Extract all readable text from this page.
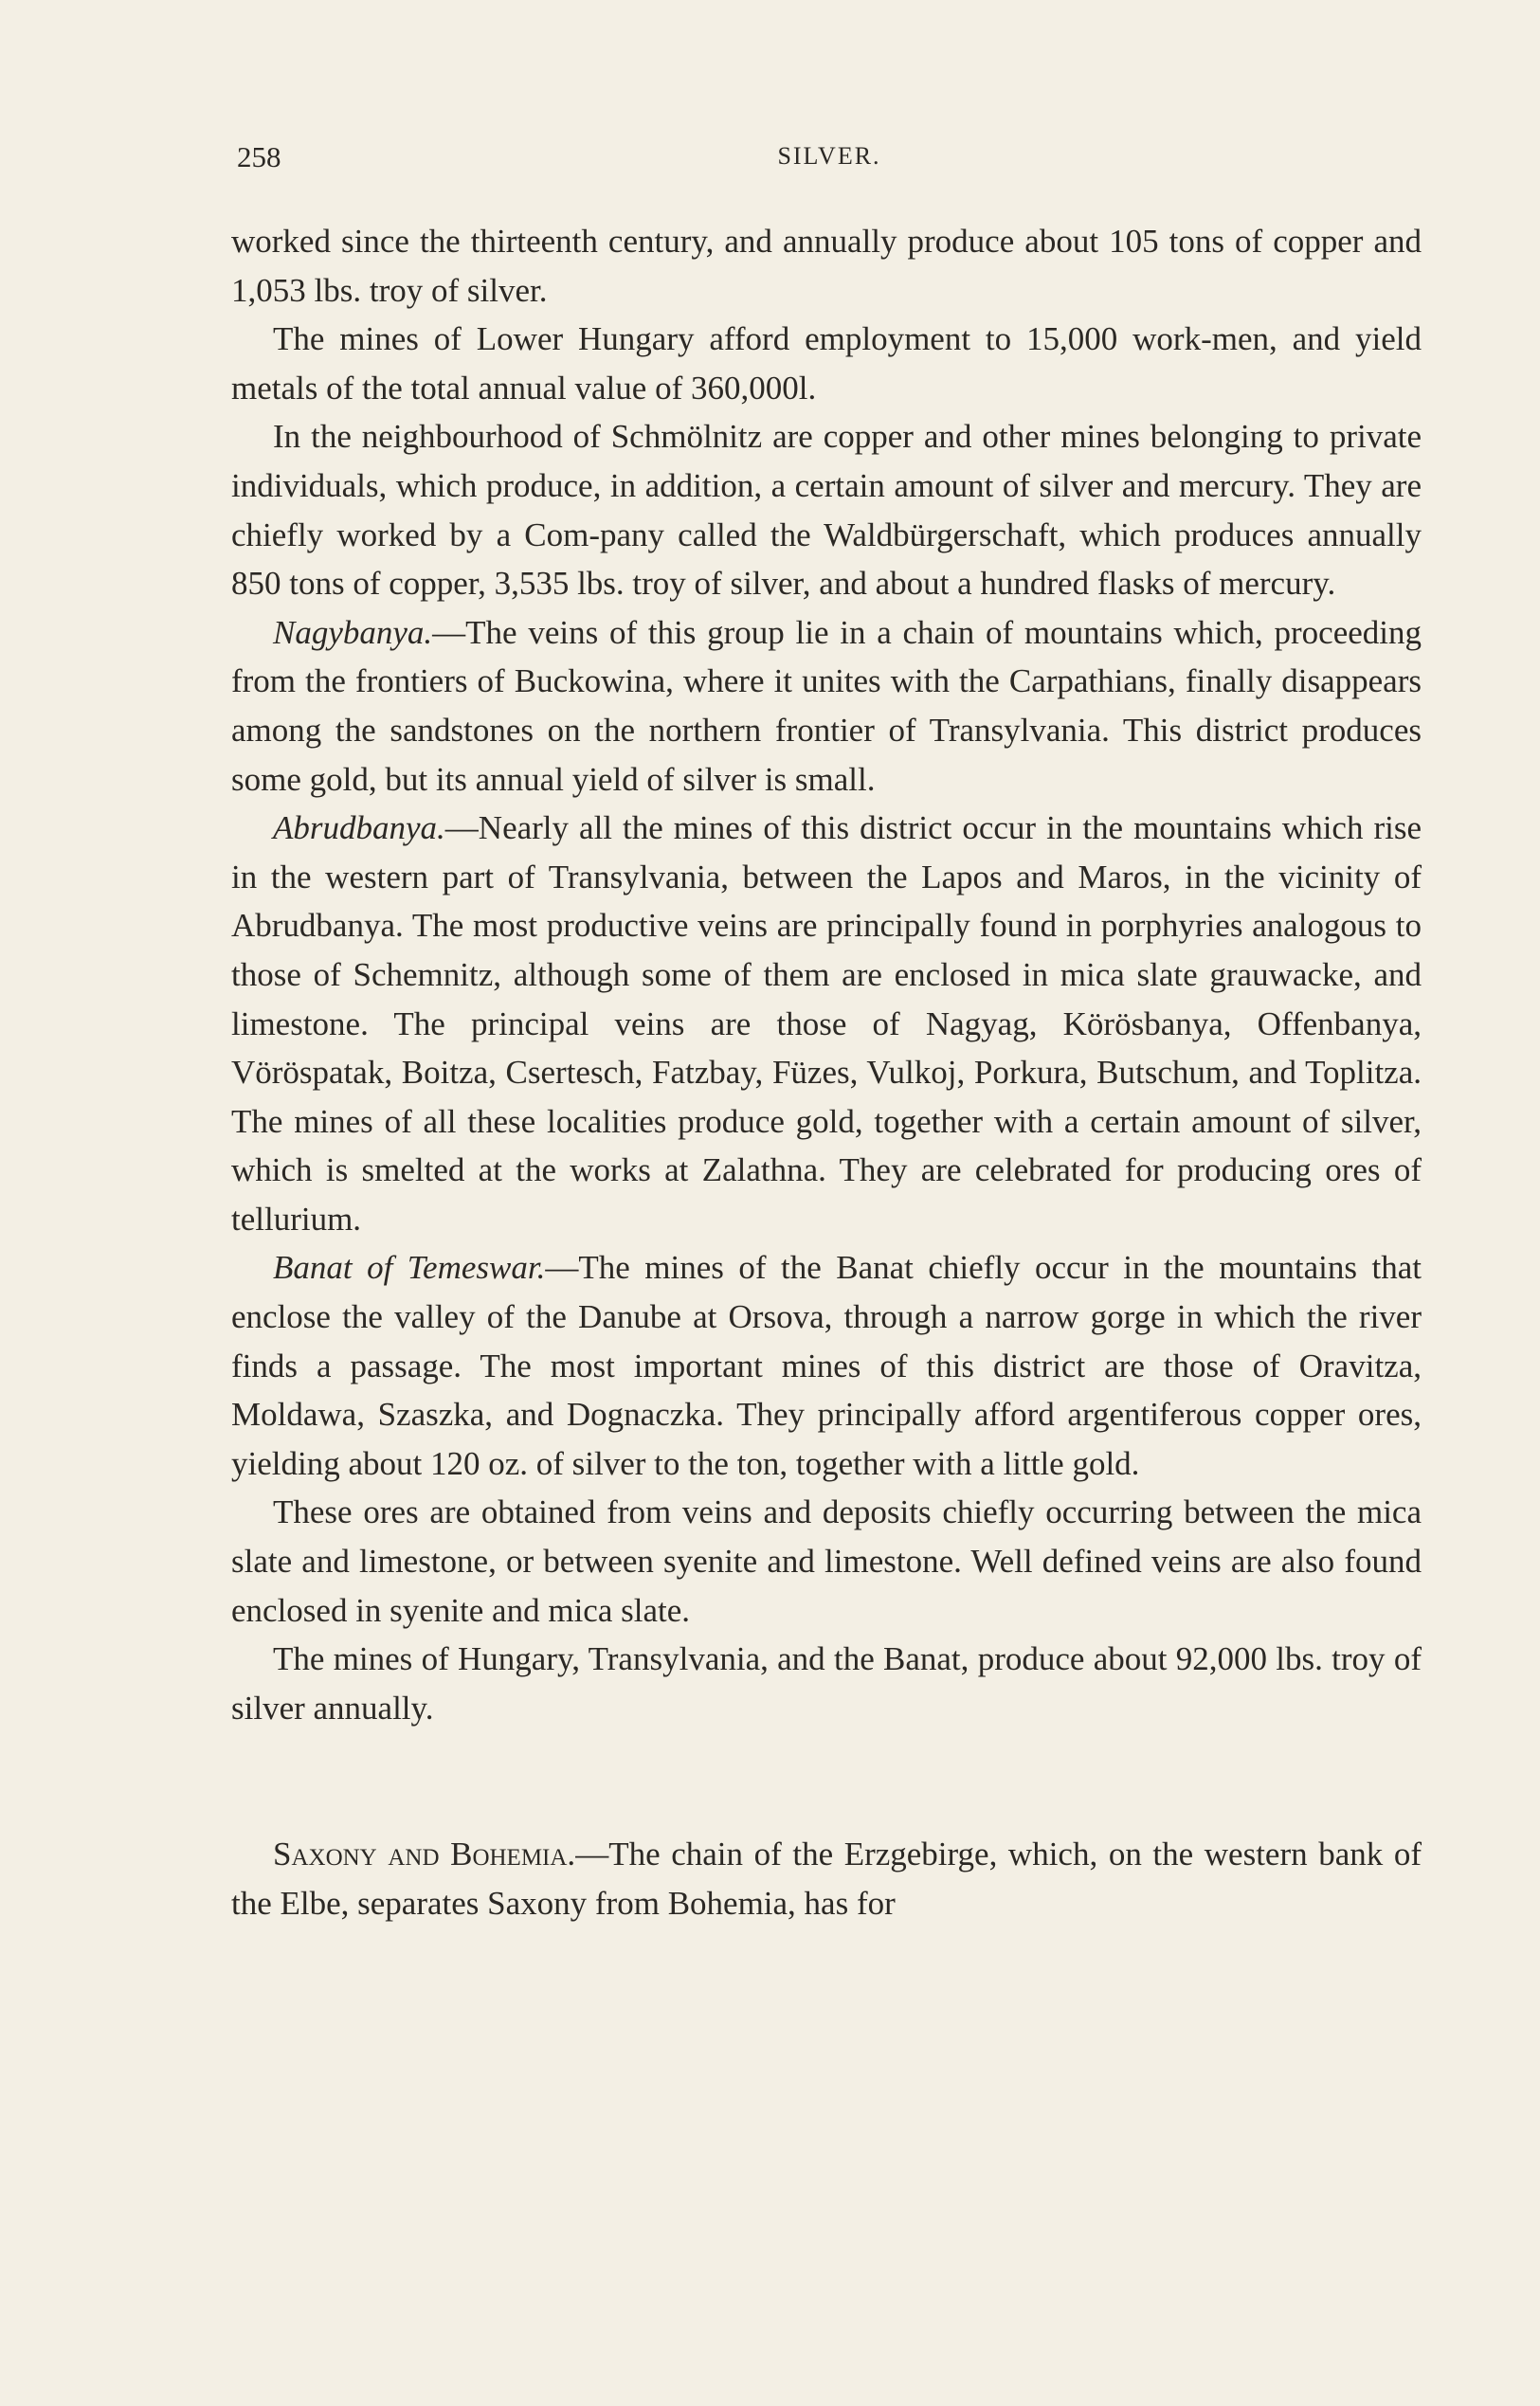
258	SILVER.

worked since the thirteenth century, and annually produce about 105 tons of copper and 1,053 lbs. troy of silver.

The mines of Lower Hungary afford employment to 15,000 work-men, and yield metals of the total annual value of 360,000l.

In the neighbourhood of Schmölnitz are copper and other mines belonging to private individuals, which produce, in addition, a certain amount of silver and mercury. They are chiefly worked by a Com-pany called the Waldbürgerschaft, which produces annually 850 tons of copper, 3,535 lbs. troy of silver, and about a hundred flasks of mercury.

Nagybanya.—The veins of this group lie in a chain of mountains which, proceeding from the frontiers of Buckowina, where it unites with the Carpathians, finally disappears among the sandstones on the northern frontier of Transylvania. This district produces some gold, but its annual yield of silver is small.

Abrudbanya.—Nearly all the mines of this district occur in the mountains which rise in the western part of Transylvania, between the Lapos and Maros, in the vicinity of Abrudbanya. The most productive veins are principally found in porphyries analogous to those of Schemnitz, although some of them are enclosed in mica slate grauwacke, and limestone. The principal veins are those of Nagyag, Körösbanya, Offenbanya, Vöröspatak, Boitza, Csertesch, Fatzbay, Füzes, Vulkoj, Porkura, Butschum, and Toplitza. The mines of all these localities produce gold, together with a certain amount of silver, which is smelted at the works at Zalathna. They are celebrated for producing ores of tellurium.

Banat of Temeswar.—The mines of the Banat chiefly occur in the mountains that enclose the valley of the Danube at Orsova, through a narrow gorge in which the river finds a passage. The most important mines of this district are those of Oravitza, Moldawa, Szaszka, and Dognaczka. They principally afford argentiferous copper ores, yielding about 120 oz. of silver to the ton, together with a little gold.

These ores are obtained from veins and deposits chiefly occurring between the mica slate and limestone, or between syenite and limestone. Well defined veins are also found enclosed in syenite and mica slate.

The mines of Hungary, Transylvania, and the Banat, produce about 92,000 lbs. troy of silver annually.

Saxony and Bohemia.—The chain of the Erzgebirge, which, on the western bank of the Elbe, separates Saxony from Bohemia, has for
